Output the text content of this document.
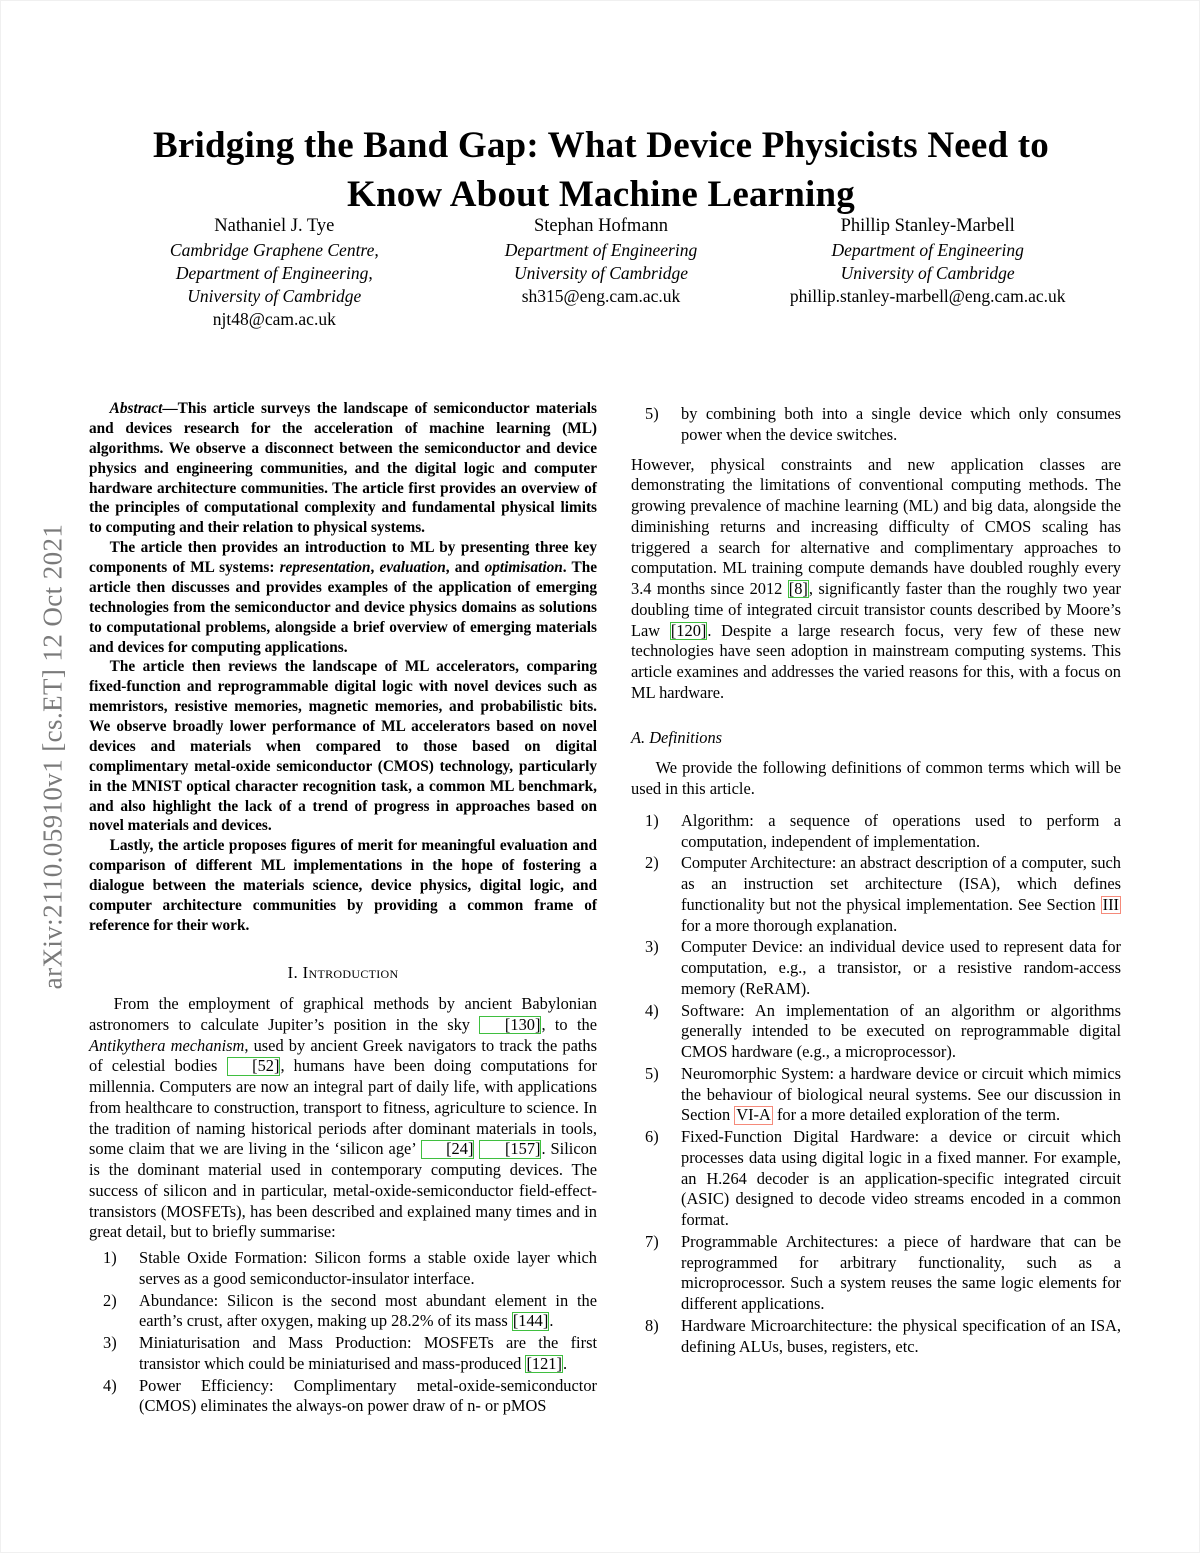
arXiv:2110.05910v1 [cs.ET] 12 Oct 2021
Bridging the Band Gap: What Device Physicists Need to Know About Machine Learning
Nathaniel J. Tye
Cambridge Graphene Centre,
Department of Engineering,
University of Cambridge
njt48@cam.ac.uk
Stephan Hofmann
Department of Engineering
University of Cambridge
sh315@eng.cam.ac.uk
Phillip Stanley-Marbell
Department of Engineering
University of Cambridge
phillip.stanley-marbell@eng.cam.ac.uk

Abstract—This article surveys the landscape of semiconductor materials and devices research for the acceleration of machine learning (ML) algorithms. We observe a disconnect between the semiconductor and device physics and engineering communities, and the digital logic and computer hardware architecture communities. The article first provides an overview of the principles of computational complexity and fundamental physical limits to computing and their relation to physical systems.

The article then provides an introduction to ML by presenting three key components of ML systems: representation, evaluation, and optimisation. The article then discusses and provides examples of the application of emerging technologies from the semiconductor and device physics domains as solutions to computational problems, alongside a brief overview of emerging materials and devices for computing applications.

The article then reviews the landscape of ML accelerators, comparing fixed-function and reprogrammable digital logic with novel devices such as memristors, resistive memories, magnetic memories, and probabilistic bits. We observe broadly lower performance of ML accelerators based on novel devices and materials when compared to those based on digital complimentary metal-oxide semiconductor (CMOS) technology, particularly in the MNIST optical character recognition task, a common ML benchmark, and also highlight the lack of a trend of progress in approaches based on novel materials and devices.

Lastly, the article proposes figures of merit for meaningful evaluation and comparison of different ML implementations in the hope of fostering a dialogue between the materials science, device physics, digital logic, and computer architecture communities by providing a common frame of reference for their work.

I. Introduction

From the employment of graphical methods by ancient Babylonian astronomers to calculate Jupiter’s position in the sky [130], to the Antikythera mechanism, used by ancient Greek navigators to track the paths of celestial bodies [52], humans have been doing computations for millennia. Computers are now an integral part of daily life, with applications from healthcare to construction, transport to fitness, agriculture to science. In the tradition of naming historical periods after dominant materials in tools, some claim that we are living in the ‘silicon age’ [24] [157]. Silicon is the dominant material used in contemporary computing devices. The success of silicon and in particular, metal-oxide-semiconductor field-effect-transistors (MOSFETs), has been described and explained many times and in great detail, but to briefly summarise:

Stable Oxide Formation: Silicon forms a stable oxide layer which serves as a good semiconductor-insulator interface.
Abundance: Silicon is the second most abundant element in the earth’s crust, after oxygen, making up 28.2% of its mass [144].
Miniaturisation and Mass Production: MOSFETs are the first transistor which could be miniaturised and mass-produced [121].
Power Efficiency: Complimentary metal-oxide-semiconductor (CMOS) eliminates the always-on power draw of n- or pMOS
by combining both into a single device which only consumes power when the device switches.

However, physical constraints and new application classes are demonstrating the limitations of conventional computing methods. The growing prevalence of machine learning (ML) and big data, alongside the diminishing returns and increasing difficulty of CMOS scaling has triggered a search for alternative and complimentary approaches to computation. ML training compute demands have doubled roughly every 3.4 months since 2012 [8], significantly faster than the roughly two year doubling time of integrated circuit transistor counts described by Moore’s Law [120]. Despite a large research focus, very few of these new technologies have seen adoption in mainstream computing systems. This article examines and addresses the varied reasons for this, with a focus on ML hardware.

A. Definitions

We provide the following definitions of common terms which will be used in this article.

Algorithm: a sequence of operations used to perform a computation, independent of implementation.
Computer Architecture: an abstract description of a computer, such as an instruction set architecture (ISA), which defines functionality but not the physical implementation. See Section III for a more thorough explanation.
Computer Device: an individual device used to represent data for computation, e.g., a transistor, or a resistive random-access memory (ReRAM).
Software: An implementation of an algorithm or algorithms generally intended to be executed on reprogrammable digital CMOS hardware (e.g., a microprocessor).
Neuromorphic System: a hardware device or circuit which mimics the behaviour of biological neural systems. See our discussion in Section VI-A for a more detailed exploration of the term.
Fixed-Function Digital Hardware: a device or circuit which processes data using digital logic in a fixed manner. For example, an H.264 decoder is an application-specific integrated circuit (ASIC) designed to decode video streams encoded in a common format.
Programmable Architectures: a piece of hardware that can be reprogrammed for arbitrary functionality, such as a microprocessor. Such a system reuses the same logic elements for different applications.
Hardware Microarchitecture: the physical specification of an ISA, defining ALUs, buses, registers, etc.
